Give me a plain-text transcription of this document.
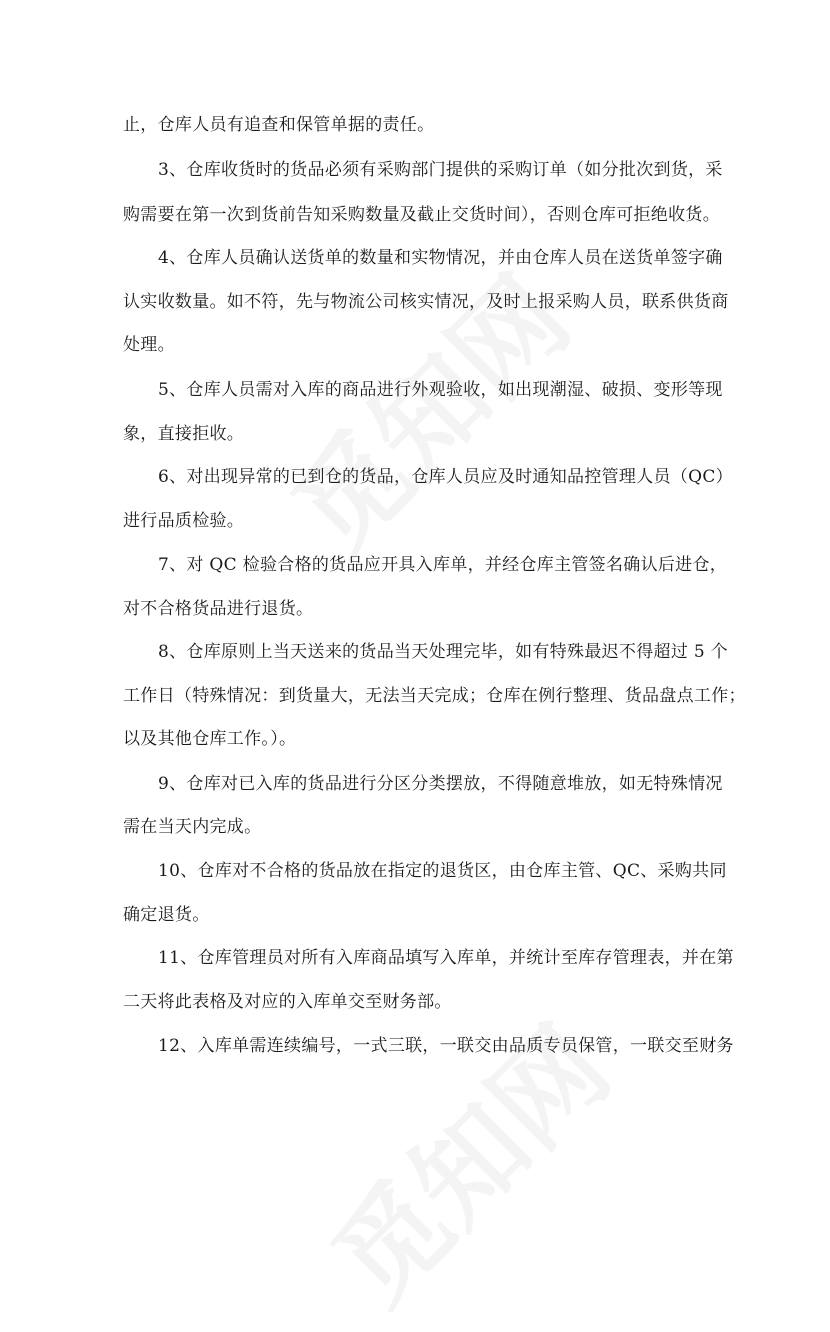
止，仓库人员有追查和保管单据的责任。
3、仓库收货时的货品必须有采购部门提供的采购订单（如分批次到货，采
购需要在第一次到货前告知采购数量及截止交货时间），否则仓库可拒绝收货。
4、仓库人员确认送货单的数量和实物情况，并由仓库人员在送货单签字确
认实收数量。如不符，先与物流公司核实情况，及时上报采购人员，联系供货商
处理。
5、仓库人员需对入库的商品进行外观验收，如出现潮湿、破损、变形等现
象，直接拒收。
6、对出现异常的已到仓的货品，仓库人员应及时通知品控管理人员（QC）
进行品质检验。
7、对 QC 检验合格的货品应开具入库单，并经仓库主管签名确认后进仓，
对不合格货品进行退货。
8、仓库原则上当天送来的货品当天处理完毕，如有特殊最迟不得超过 5 个
工作日（特殊情况：到货量大，无法当天完成；仓库在例行整理、货品盘点工作；
以及其他仓库工作。）。
9、仓库对已入库的货品进行分区分类摆放，不得随意堆放，如无特殊情况
需在当天内完成。
10、仓库对不合格的货品放在指定的退货区，由仓库主管、QC、采购共同
确定退货。
11、仓库管理员对所有入库商品填写入库单，并统计至库存管理表，并在第
二天将此表格及对应的入库单交至财务部。
12、入库单需连续编号，一式三联，一联交由品质专员保管，一联交至财务
